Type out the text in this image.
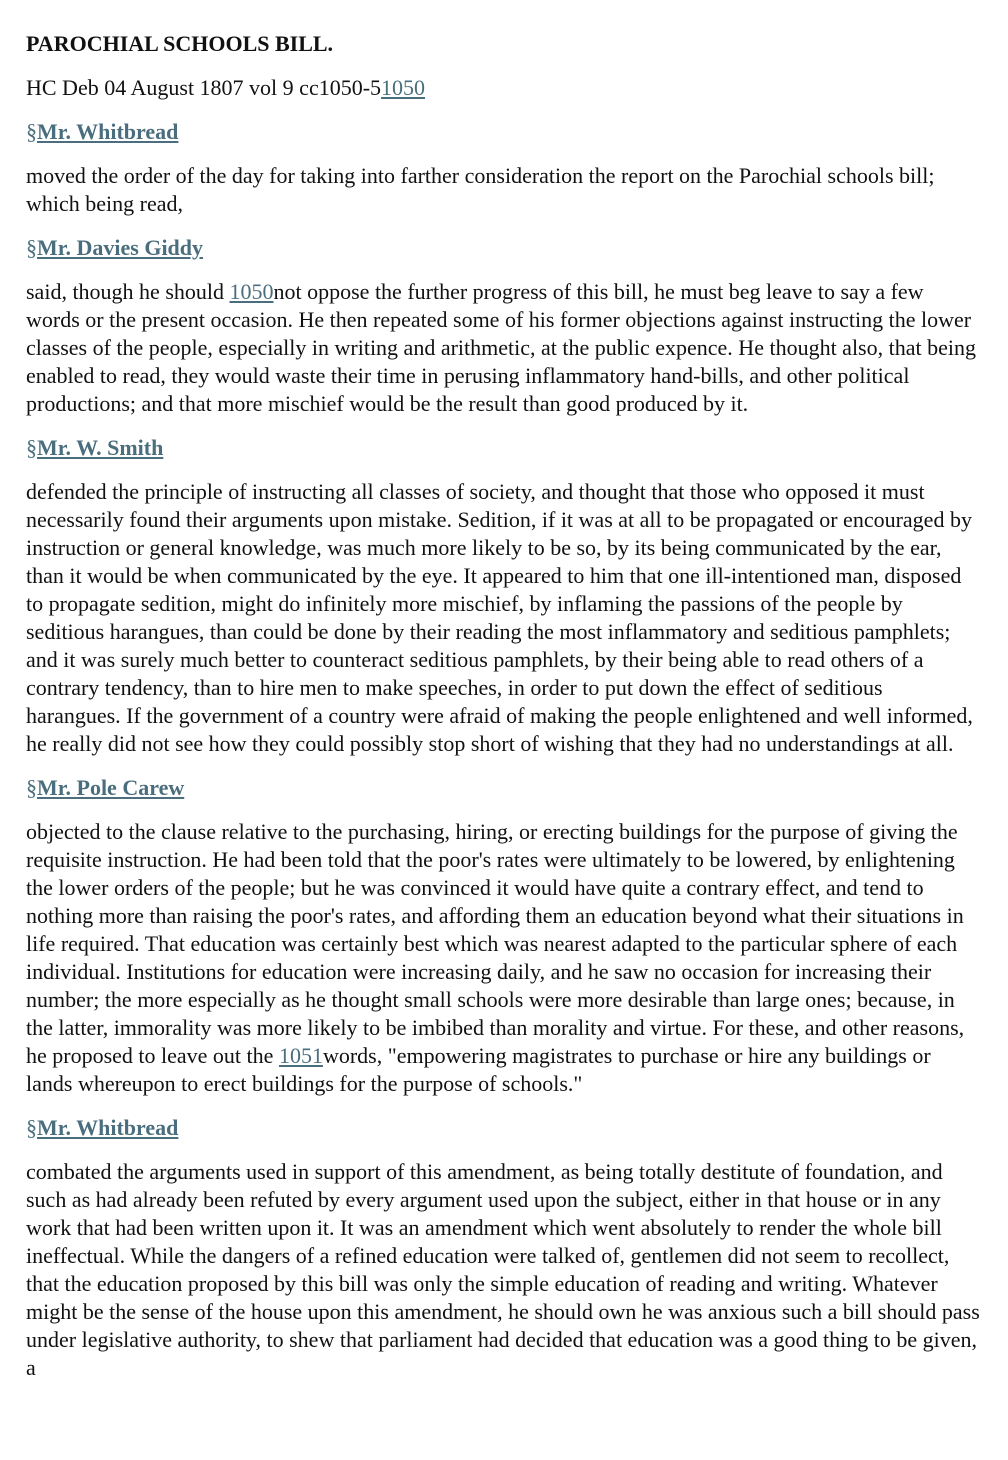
PAROCHIAL SCHOOLS BILL.
HC Deb 04 August 1807 vol 9 cc1050-51050
§Mr. Whitbread

moved the order of the day for taking into farther consideration the report on the Parochial schools bill; which being read,

§Mr. Davies Giddy

said, though he should 1050not oppose the further progress of this bill, he must beg leave to say a few words or the present occasion. He then repeated some of his former objections against instructing the lower classes of the people, especially in writing and arithmetic, at the public expence. He thought also, that being enabled to read, they would waste their time in perusing inflammatory hand-bills, and other political productions; and that more mischief would be the result than good produced by it.

§Mr. W. Smith

defended the principle of instructing all classes of society, and thought that those who opposed it must necessarily found their arguments upon mistake. Sedition, if it was at all to be propagated or encouraged by instruction or general knowledge, was much more likely to be so, by its being communicated by the ear, than it would be when communicated by the eye. It appeared to him that one ill-intentioned man, disposed to propagate sedition, might do infinitely more mischief, by inflaming the passions of the people by seditious harangues, than could be done by their reading the most inflammatory and seditious pamphlets; and it was surely much better to counteract seditious pamphlets, by their being able to read others of a contrary tendency, than to hire men to make speeches, in order to put down the effect of seditious harangues. If the government of a country were afraid of making the people enlightened and well informed, he really did not see how they could possibly stop short of wishing that they had no understandings at all.

§Mr. Pole Carew

objected to the clause relative to the purchasing, hiring, or erecting buildings for the purpose of giving the requisite instruction. He had been told that the poor's rates were ultimately to be lowered, by enlightening the lower orders of the people; but he was convinced it would have quite a contrary effect, and tend to nothing more than raising the poor's rates, and affording them an education beyond what their situations in life required. That education was certainly best which was nearest adapted to the particular sphere of each individual. Institutions for education were increasing daily, and he saw no occasion for increasing their number; the more especially as he thought small schools were more desirable than large ones; because, in the latter, immorality was more likely to be imbibed than morality and virtue. For these, and other reasons, he proposed to leave out the 1051words, "empowering magistrates to purchase or hire any buildings or lands whereupon to erect buildings for the purpose of schools."

§Mr. Whitbread

combated the arguments used in support of this amendment, as being totally destitute of foundation, and such as had already been refuted by every argument used upon the subject, either in that house or in any work that had been written upon it. It was an amendment which went absolutely to render the whole bill ineffectual. While the dangers of a refined education were talked of, gentlemen did not seem to recollect, that the education proposed by this bill was only the simple education of reading and writing. Whatever might be the sense of the house upon this amendment, he should own he was anxious such a bill should pass under legislative authority, to shew that parliament had decided that education was a good thing to be given, a
